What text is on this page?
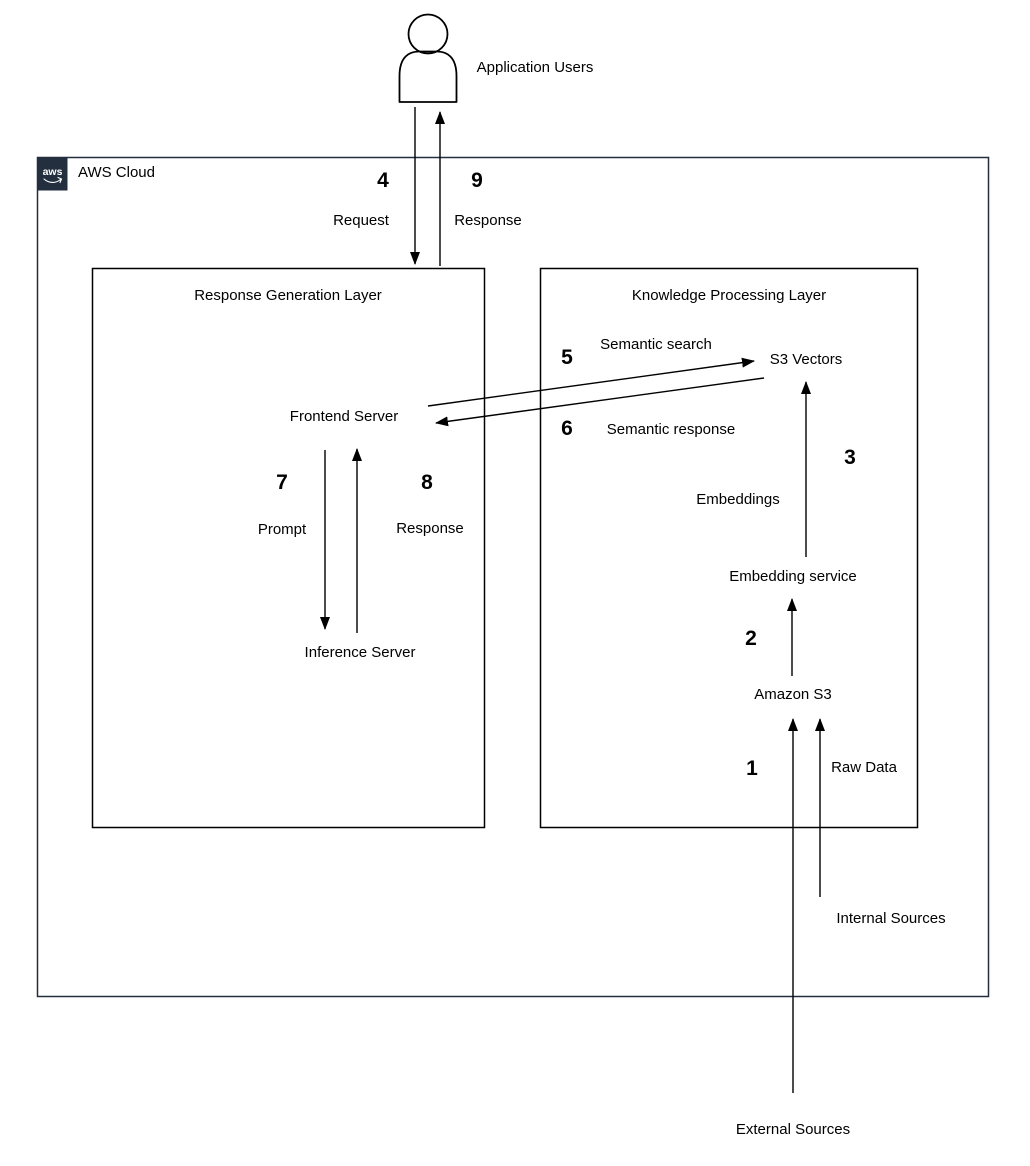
aws AWS Cloud
Application Users
Response Generation Layer	Knowledge Processing Layer
4	9
5
6
7	8
3
2
1
Request	Response
Semantic search
Semantic response
Prompt	Response
Embeddings
Raw Data
Frontend Server
Inference Server
S3 Vectors
Embedding service
Amazon S3
Internal Sources
External Sources
